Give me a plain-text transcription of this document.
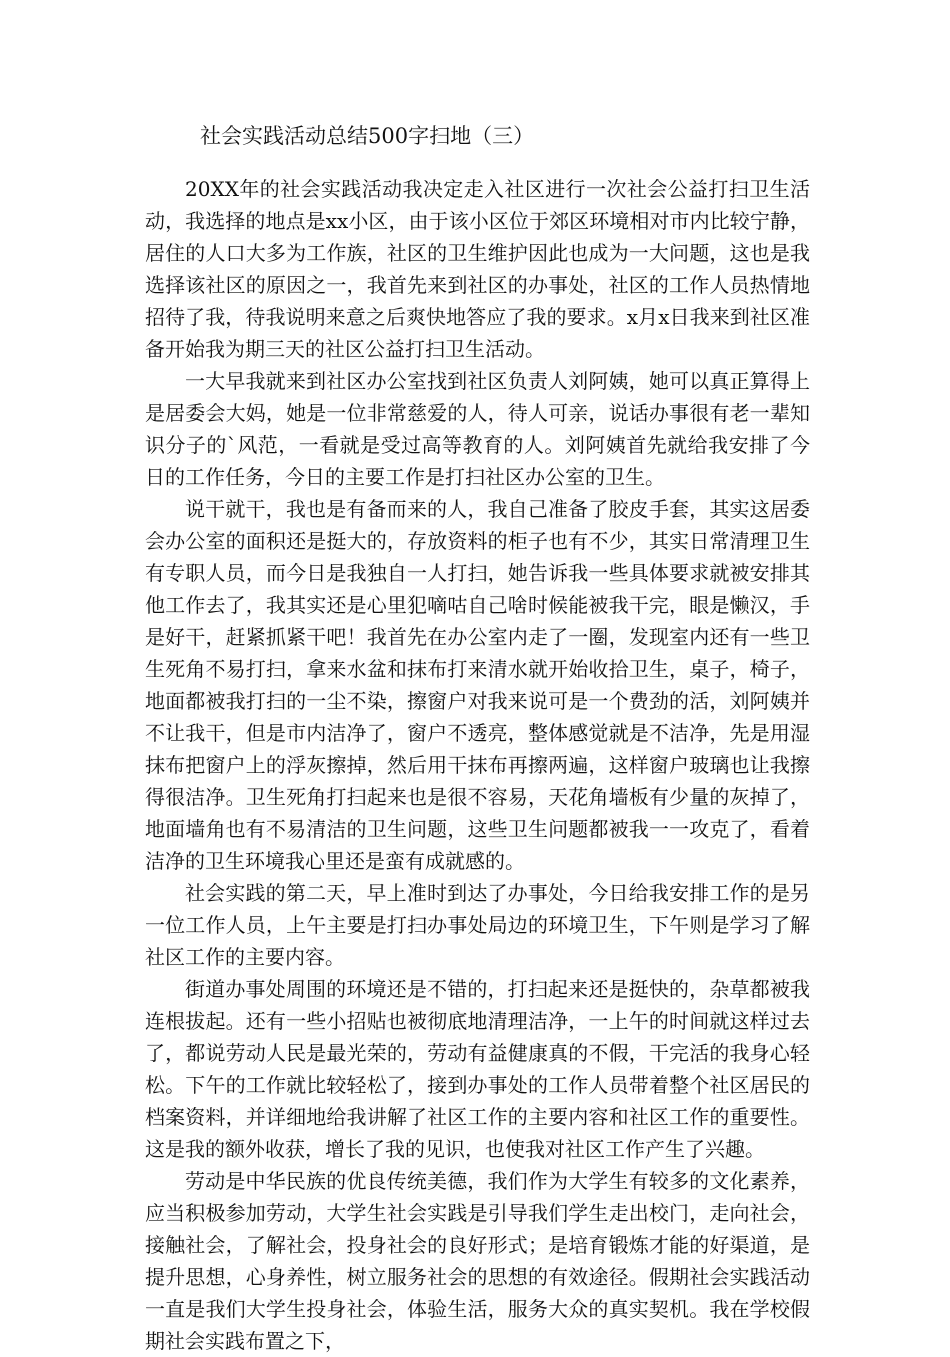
社会实践活动总结500字扫地（三）

20XX年的社会实践活动我决定走入社区进行一次社会公益打扫卫生活动，我选择的地点是xx小区，由于该小区位于郊区环境相对市内比较宁静，居住的人口大多为工作族，社区的卫生维护因此也成为一大问题，这也是我选择该社区的原因之一，我首先来到社区的办事处，社区的工作人员热情地招待了我，待我说明来意之后爽快地答应了我的要求。x月x日我来到社区准备开始我为期三天的社区公益打扫卫生活动。

一大早我就来到社区办公室找到社区负责人刘阿姨，她可以真正算得上是居委会大妈，她是一位非常慈爱的人，待人可亲，说话办事很有老一辈知识分子的`风范，一看就是受过高等教育的人。刘阿姨首先就给我安排了今日的工作任务，今日的主要工作是打扫社区办公室的卫生。

说干就干，我也是有备而来的人，我自己准备了胶皮手套，其实这居委会办公室的面积还是挺大的，存放资料的柜子也有不少，其实日常清理卫生有专职人员，而今日是我独自一人打扫，她告诉我一些具体要求就被安排其他工作去了，我其实还是心里犯嘀咕自己啥时候能被我干完，眼是懒汉，手是好干，赶紧抓紧干吧！我首先在办公室内走了一圈，发现室内还有一些卫生死角不易打扫，拿来水盆和抹布打来清水就开始收拾卫生，桌子，椅子，地面都被我打扫的一尘不染，擦窗户对我来说可是一个费劲的活，刘阿姨并不让我干，但是市内洁净了，窗户不透亮，整体感觉就是不洁净，先是用湿抹布把窗户上的浮灰擦掉，然后用干抹布再擦两遍，这样窗户玻璃也让我擦得很洁净。卫生死角打扫起来也是很不容易，天花角墙板有少量的灰掉了，地面墙角也有不易清洁的卫生问题，这些卫生问题都被我一一攻克了，看着洁净的卫生环境我心里还是蛮有成就感的。

社会实践的第二天，早上准时到达了办事处，今日给我安排工作的是另一位工作人员，上午主要是打扫办事处局边的环境卫生，下午则是学习了解社区工作的主要内容。

街道办事处周围的环境还是不错的，打扫起来还是挺快的，杂草都被我连根拔起。还有一些小招贴也被彻底地清理洁净，一上午的时间就这样过去了，都说劳动人民是最光荣的，劳动有益健康真的不假，干完活的我身心轻松。下午的工作就比较轻松了，接到办事处的工作人员带着整个社区居民的档案资料，并详细地给我讲解了社区工作的主要内容和社区工作的重要性。这是我的额外收获，增长了我的见识，也使我对社区工作产生了兴趣。

劳动是中华民族的优良传统美德，我们作为大学生有较多的文化素养，应当积极参加劳动，大学生社会实践是引导我们学生走出校门，走向社会，接触社会，了解社会，投身社会的良好形式；是培育锻炼才能的好渠道，是提升思想，心身养性，树立服务社会的思想的有效途径。假期社会实践活动一直是我们大学生投身社会，体验生活，服务大众的真实契机。我在学校假期社会实践布置之下，
